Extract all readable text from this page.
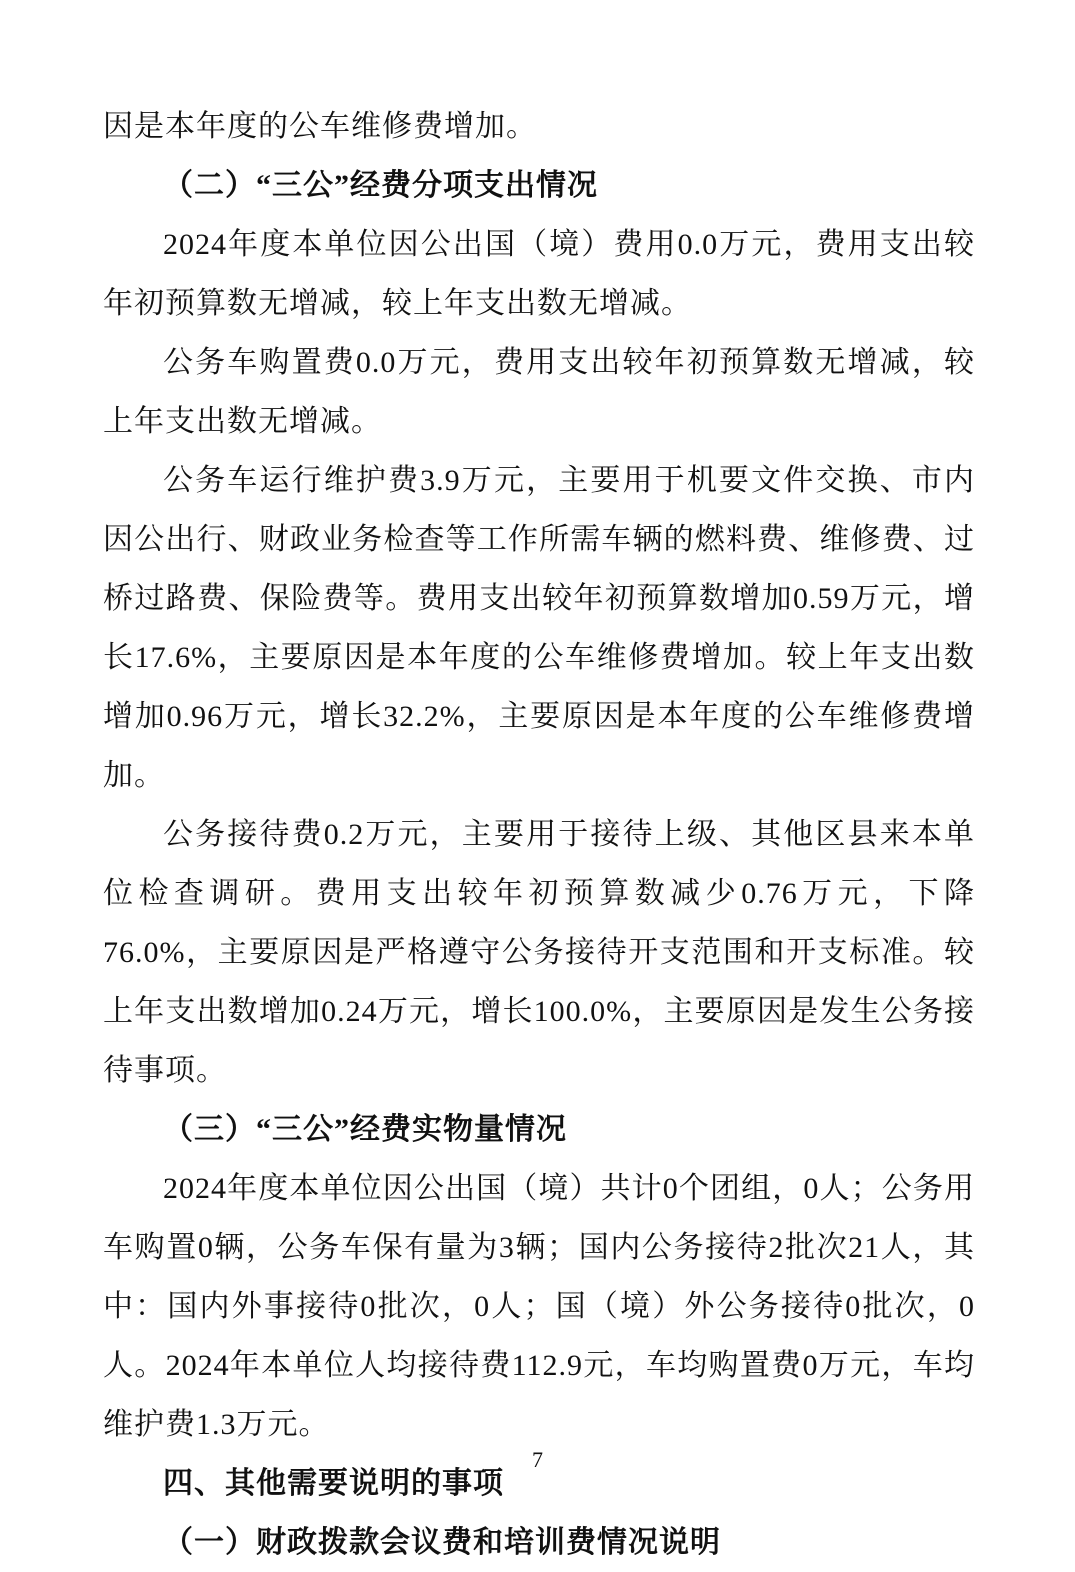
因是本年度的公车维修费增加。

（二）“三公”经费分项支出情况

2024年度本单位因公出国（境）费用0.0万元，费用支出较年初预算数无增减，较上年支出数无增减。

公务车购置费0.0万元，费用支出较年初预算数无增减，较上年支出数无增减。

公务车运行维护费3.9万元，主要用于机要文件交换、市内因公出行、财政业务检查等工作所需车辆的燃料费、维修费、过桥过路费、保险费等。费用支出较年初预算数增加0.59万元，增长17.6%，主要原因是本年度的公车维修费增加。较上年支出数增加0.96万元，增长32.2%，主要原因是本年度的公车维修费增加。

公务接待费0.2万元，主要用于接待上级、其他区县来本单位检查调研。费用支出较年初预算数减少0.76万元，下降76.0%，主要原因是严格遵守公务接待开支范围和开支标准。较上年支出数增加0.24万元，增长100.0%，主要原因是发生公务接待事项。

（三）“三公”经费实物量情况

2024年度本单位因公出国（境）共计0个团组，0人；公务用车购置0辆，公务车保有量为3辆；国内公务接待2批次21人，其中：国内外事接待0批次，0人；国（境）外公务接待0批次，0人。2024年本单位人均接待费112.9元，车均购置费0万元，车均维护费1.3万元。

四、其他需要说明的事项

（一）财政拨款会议费和培训费情况说明

7
